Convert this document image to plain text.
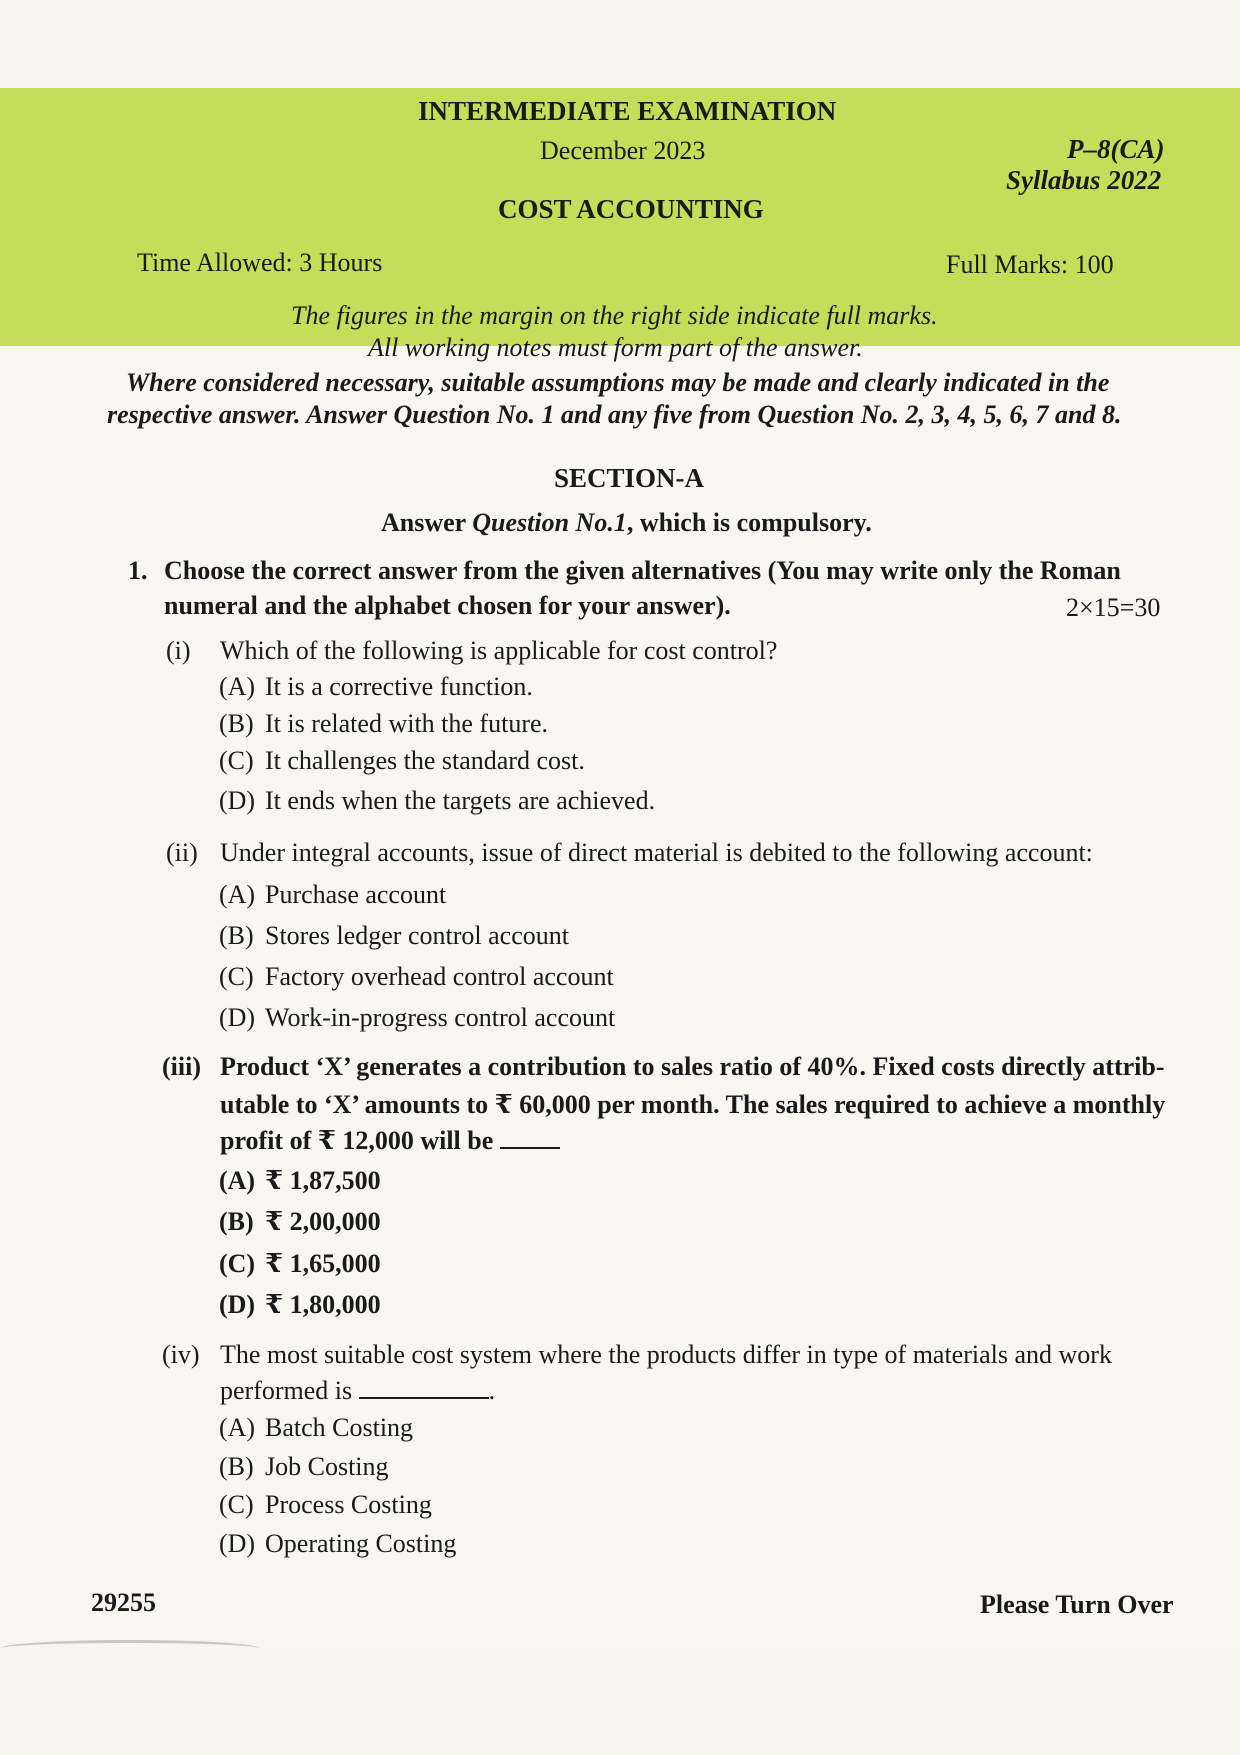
INTERMEDIATE EXAMINATION
December 2023	P–8(CA)
Syllabus 2022
COST ACCOUNTING
Time Allowed: 3 Hours	Full Marks: 100
The figures in the margin on the right side indicate full marks.
All working notes must form part of the answer.
Where considered necessary, suitable assumptions may be made and clearly indicated in the
respective answer. Answer Question No. 1 and any five from Question No. 2, 3, 4, 5, 6, 7 and 8.
SECTION-A
Answer Question No.1, which is compulsory.
1. Choose the correct answer from the given alternatives (You may write only the Roman
numeral and the alphabet chosen for your answer).	2×15=30
(i) Which of the following is applicable for cost control?
(A) It is a corrective function.
(B) It is related with the future.
(C) It challenges the standard cost.
(D) It ends when the targets are achieved.
(ii) Under integral accounts, issue of direct material is debited to the following account:
(A) Purchase account
(B) Stores ledger control account
(C) Factory overhead control account
(D) Work-in-progress control account
(iii) Product ‘X’ generates a contribution to sales ratio of 40%. Fixed costs directly attrib-
utable to ‘X’ amounts to ₹ 60,000 per month. The sales required to achieve a monthly
profit of ₹ 12,000 will be
(A) ₹ 1,87,500
(B) ₹ 2,00,000
(C) ₹ 1,65,000
(D) ₹ 1,80,000
(iv) The most suitable cost system where the products differ in type of materials and work
performed is	.
(A) Batch Costing
(B) Job Costing
(C) Process Costing
(D) Operating Costing
29255	Please Turn Over
